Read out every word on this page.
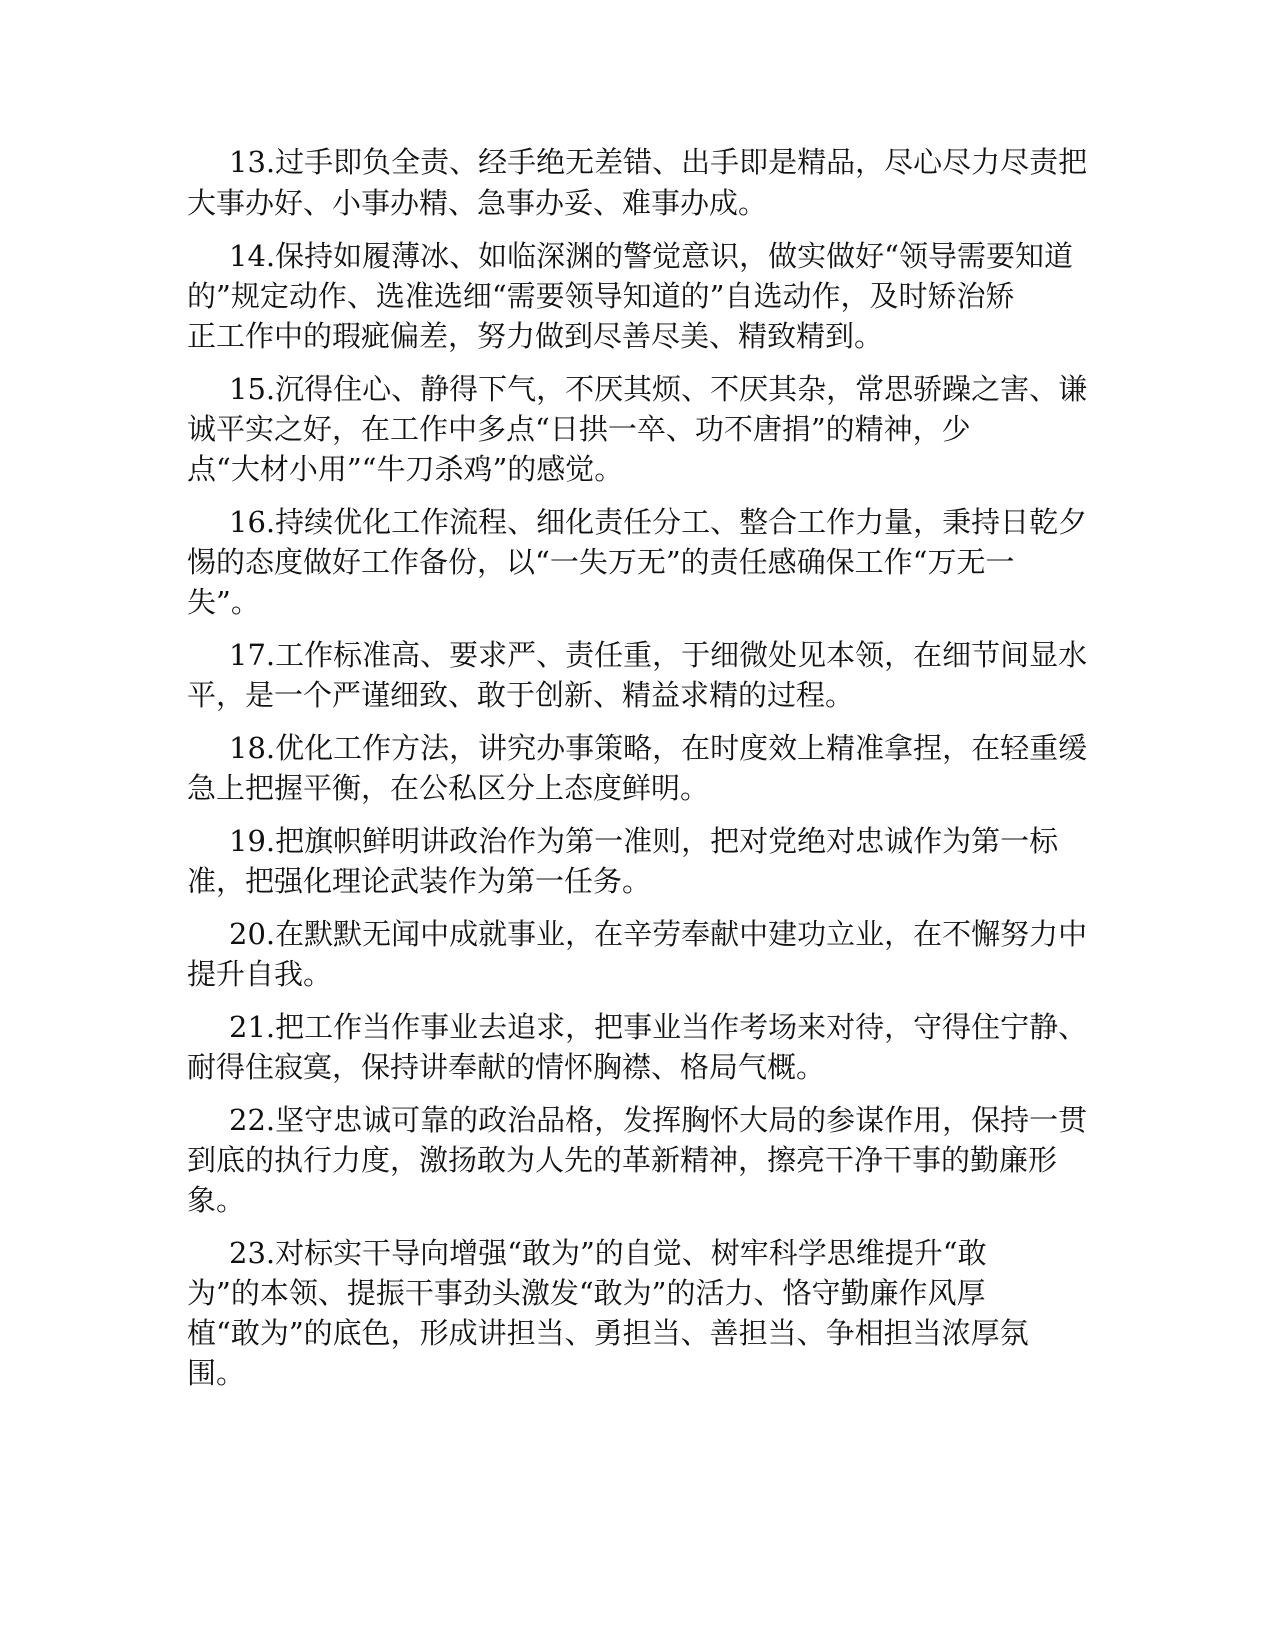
13.过手即负全责、经手绝无差错、出手即是精品，尽心尽力尽责把
大事办好、小事办精、急事办妥、难事办成。
14.保持如履薄冰、如临深渊的警觉意识，做实做好“领导需要知道
的”规定动作、选准选细“需要领导知道的”自选动作，及时矫治矫
正工作中的瑕疵偏差，努力做到尽善尽美、精致精到。
15.沉得住心、静得下气，不厌其烦、不厌其杂，常思骄躁之害、谦
诚平实之好，在工作中多点“日拱一卒、功不唐捐”的精神，少
点“大材小用”“牛刀杀鸡”的感觉。
16.持续优化工作流程、细化责任分工、整合工作力量，秉持日乾夕
惕的态度做好工作备份，以“一失万无”的责任感确保工作“万无一
失”。
17.工作标准高、要求严、责任重，于细微处见本领，在细节间显水
平，是一个严谨细致、敢于创新、精益求精的过程。
18.优化工作方法，讲究办事策略，在时度效上精准拿捏，在轻重缓
急上把握平衡，在公私区分上态度鲜明。
19.把旗帜鲜明讲政治作为第一准则，把对党绝对忠诚作为第一标
准，把强化理论武装作为第一任务。
20.在默默无闻中成就事业，在辛劳奉献中建功立业，在不懈努力中
提升自我。
21.把工作当作事业去追求，把事业当作考场来对待，守得住宁静、
耐得住寂寞，保持讲奉献的情怀胸襟、格局气概。
22.坚守忠诚可靠的政治品格，发挥胸怀大局的参谋作用，保持一贯
到底的执行力度，激扬敢为人先的革新精神，擦亮干净干事的勤廉形
象。
23.对标实干导向增强“敢为”的自觉、树牢科学思维提升“敢
为”的本领、提振干事劲头激发“敢为”的活力、恪守勤廉作风厚
植“敢为”的底色，形成讲担当、勇担当、善担当、争相担当浓厚氛
围。
